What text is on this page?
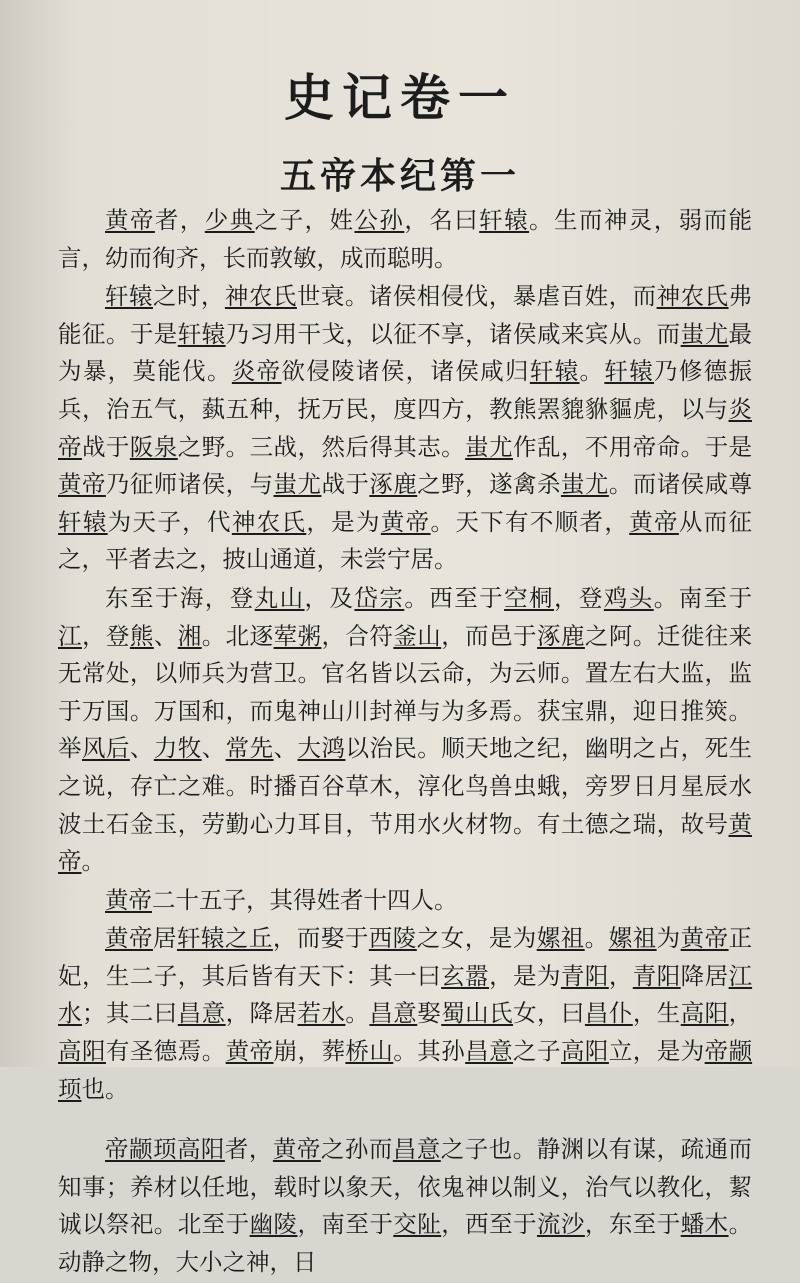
史记卷一
五帝本纪第一

黄帝者，少典之子，姓公孙，名曰轩辕。生而神灵，弱而能言，幼而徇齐，长而敦敏，成而聪明。

轩辕之时，神农氏世衰。诸侯相侵伐，暴虐百姓，而神农氏弗能征。于是轩辕乃习用干戈，以征不享，诸侯咸来宾从。而蚩尤最为暴，莫能伐。炎帝欲侵陵诸侯，诸侯咸归轩辕。轩辕乃修德振兵，治五气，蓺五种，抚万民，度四方，教熊罴貔貅貙虎，以与炎帝战于阪泉之野。三战，然后得其志。蚩尤作乱，不用帝命。于是黄帝乃征师诸侯，与蚩尤战于涿鹿之野，遂禽杀蚩尤。而诸侯咸尊轩辕为天子，代神农氏，是为黄帝。天下有不顺者，黄帝从而征之，平者去之，披山通道，未尝宁居。

东至于海，登丸山，及岱宗。西至于空桐，登鸡头。南至于江，登熊、湘。北逐荤粥，合符釜山，而邑于涿鹿之阿。迁徙往来无常处，以师兵为营卫。官名皆以云命，为云师。置左右大监，监于万国。万国和，而鬼神山川封禅与为多焉。获宝鼎，迎日推筴。举风后、力牧、常先、大鸿以治民。顺天地之纪，幽明之占，死生之说，存亡之难。时播百谷草木，淳化鸟兽虫蛾，旁罗日月星辰水波土石金玉，劳勤心力耳目，节用水火材物。有土德之瑞，故号黄帝。

黄帝二十五子，其得姓者十四人。

黄帝居轩辕之丘，而娶于西陵之女，是为嫘祖。嫘祖为黄帝正妃，生二子，其后皆有天下：其一曰玄嚣，是为青阳，青阳降居江水；其二曰昌意，降居若水。昌意娶蜀山氏女，曰昌仆，生高阳，高阳有圣德焉。黄帝崩，葬桥山。其孙昌意之子高阳立，是为帝颛顼也。

帝颛顼高阳者，黄帝之孙而昌意之子也。静渊以有谋，疏通而知事；养材以任地，载时以象天，依鬼神以制义，治气以教化，絜诚以祭祀。北至于幽陵，南至于交阯，西至于流沙，东至于蟠木。动静之物，大小之神，日
